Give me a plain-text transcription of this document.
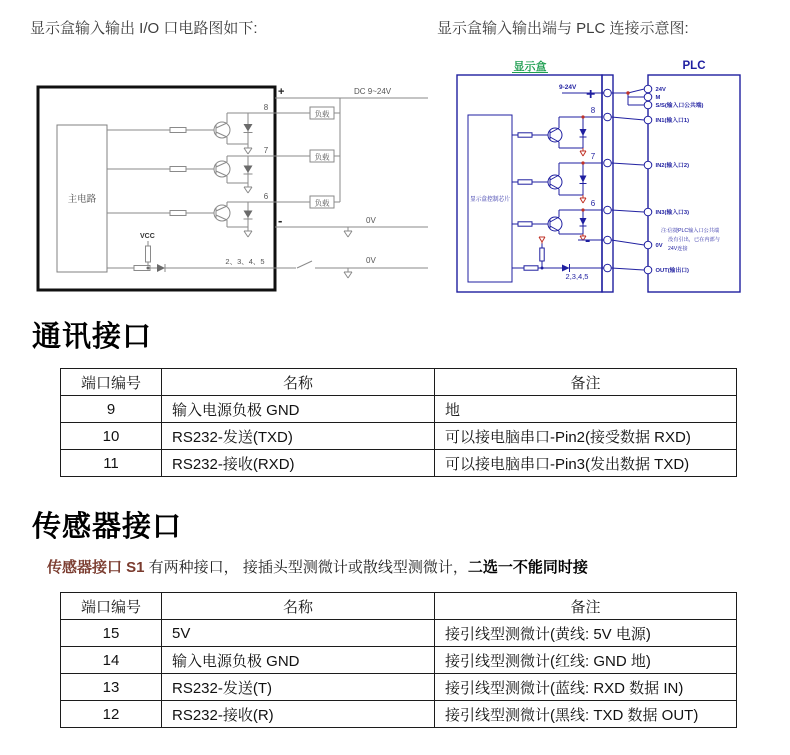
显示盒输入输出 I/O 口电路图如下:	显示盒输入输出端与 PLC 连接示意图:
主电路
+	DC 9~24V
负载
负载
负载
8
7
6
-	0V
0V
VCC
2、3、4、5
显示盒	PLC
显示盒控制芯片
9-24V +
-
8
7
6
2,3,4,5
24V
M
S/S(输入口公共端)
IN1(输入口1)
IN2(输入口2)
IN3(输入口3)
0V
OUT(输出口)
注:信捷PLC输入口公共端
没有引出，已在内部与
24V连接
通讯接口
端口编号	名称	备注
9	输入电源负极 GND	地
10	RS232-发送(TXD)	可以接电脑串口-Pin2(接受数据 RXD)
11	RS232-接收(RXD)	可以接电脑串口-Pin3(发出数据 TXD)
传感器接口

传感器接口 S1 有两种接口， 接插头型测微计或散线型测微计，二选一不能同时接

端口编号	名称	备注
15	5V	接引线型测微计(黄线: 5V 电源)
14	输入电源负极 GND	接引线型测微计(红线: GND 地)
13	RS232-发送(T)	接引线型测微计(蓝线: RXD 数据 IN)
12	RS232-接收(R)	接引线型测微计(黑线: TXD 数据 OUT)
